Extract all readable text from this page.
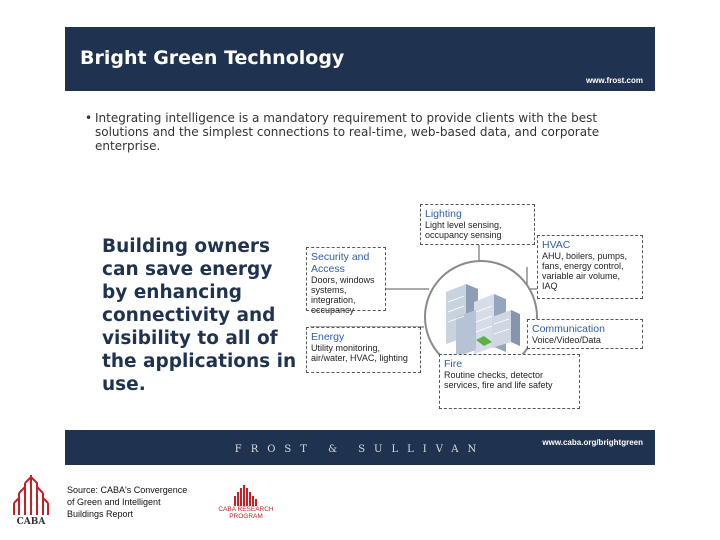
Bright Green Technology
www.frost.com
• Integrating intelligence is a mandatory requirement to provide clients with the best solutions and the simplest connections to real-time, web-based data, and corporate enterprise.
Building owners can save energy by enhancing connectivity and visibility to all of the applications in use.
Lighting
Light level sensing, occupancy sensing
Security and Access
Doors, windows systems, integration, occupancy
HVAC
AHU, boilers, pumps, fans, energy control, variable air volume, IAQ
Energy
Utility monitoring, air/water, HVAC, lighting
Communication
Voice/Video/Data
Fire
Routine checks, detector services, fire and life safety
FROST & SULLIVAN
www.caba.org/brightgreen
CABA
Source: CABA's Convergence
of Green and Intelligent
Buildings Report	CABA RESEARCH
PROGRAM
